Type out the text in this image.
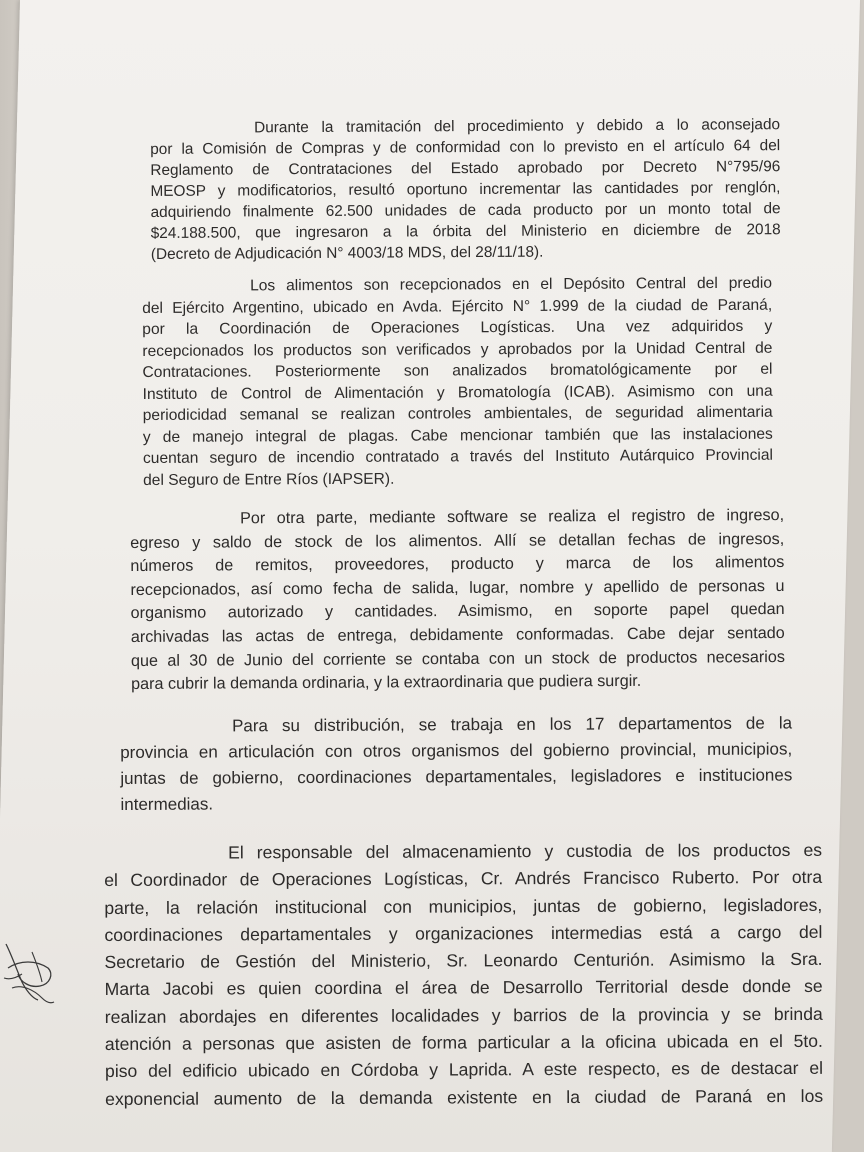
Durante la tramitación del procedimiento y debido a lo aconsejado
por la Comisión de Compras y de conformidad con lo previsto en el artículo 64 del
Reglamento de Contrataciones del Estado aprobado por Decreto N°795/96
MEOSP y modificatorios, resultó oportuno incrementar las cantidades por renglón,
adquiriendo finalmente 62.500 unidades de cada producto por un monto total de
$24.188.500, que ingresaron a la órbita del Ministerio en diciembre de 2018
(Decreto de Adjudicación N° 4003/18 MDS, del 28/11/18).
Los alimentos son recepcionados en el Depósito Central del predio
del Ejército Argentino, ubicado en Avda. Ejército N° 1.999 de la ciudad de Paraná,
por la Coordinación de Operaciones Logísticas. Una vez adquiridos y
recepcionados los productos son verificados y aprobados por la Unidad Central de
Contrataciones. Posteriormente son analizados bromatológicamente por el
Instituto de Control de Alimentación y Bromatología (ICAB). Asimismo con una
periodicidad semanal se realizan controles ambientales, de seguridad alimentaria
y de manejo integral de plagas. Cabe mencionar también que las instalaciones
cuentan seguro de incendio contratado a través del Instituto Autárquico Provincial
del Seguro de Entre Ríos (IAPSER).
Por otra parte, mediante software se realiza el registro de ingreso,
egreso y saldo de stock de los alimentos. Allí se detallan fechas de ingresos,
números de remitos, proveedores, producto y marca de los alimentos
recepcionados, así como fecha de salida, lugar, nombre y apellido de personas u
organismo autorizado y cantidades. Asimismo, en soporte papel quedan
archivadas las actas de entrega, debidamente conformadas. Cabe dejar sentado
que al 30 de Junio del corriente se contaba con un stock de productos necesarios
para cubrir la demanda ordinaria, y la extraordinaria que pudiera surgir.
Para su distribución, se trabaja en los 17 departamentos de la
provincia en articulación con otros organismos del gobierno provincial, municipios,
juntas de gobierno, coordinaciones departamentales, legisladores e instituciones
intermedias.
El responsable del almacenamiento y custodia de los productos es
el Coordinador de Operaciones Logísticas, Cr. Andrés Francisco Ruberto. Por otra
parte, la relación institucional con municipios, juntas de gobierno, legisladores,
coordinaciones departamentales y organizaciones intermedias está a cargo del
Secretario de Gestión del Ministerio, Sr. Leonardo Centurión. Asimismo la Sra.
Marta Jacobi es quien coordina el área de Desarrollo Territorial desde donde se
realizan abordajes en diferentes localidades y barrios de la provincia y se brinda
atención a personas que asisten de forma particular a la oficina ubicada en el 5to.
piso del edificio ubicado en Córdoba y Laprida. A este respecto, es de destacar el
exponencial aumento de la demanda existente en la ciudad de Paraná en los
